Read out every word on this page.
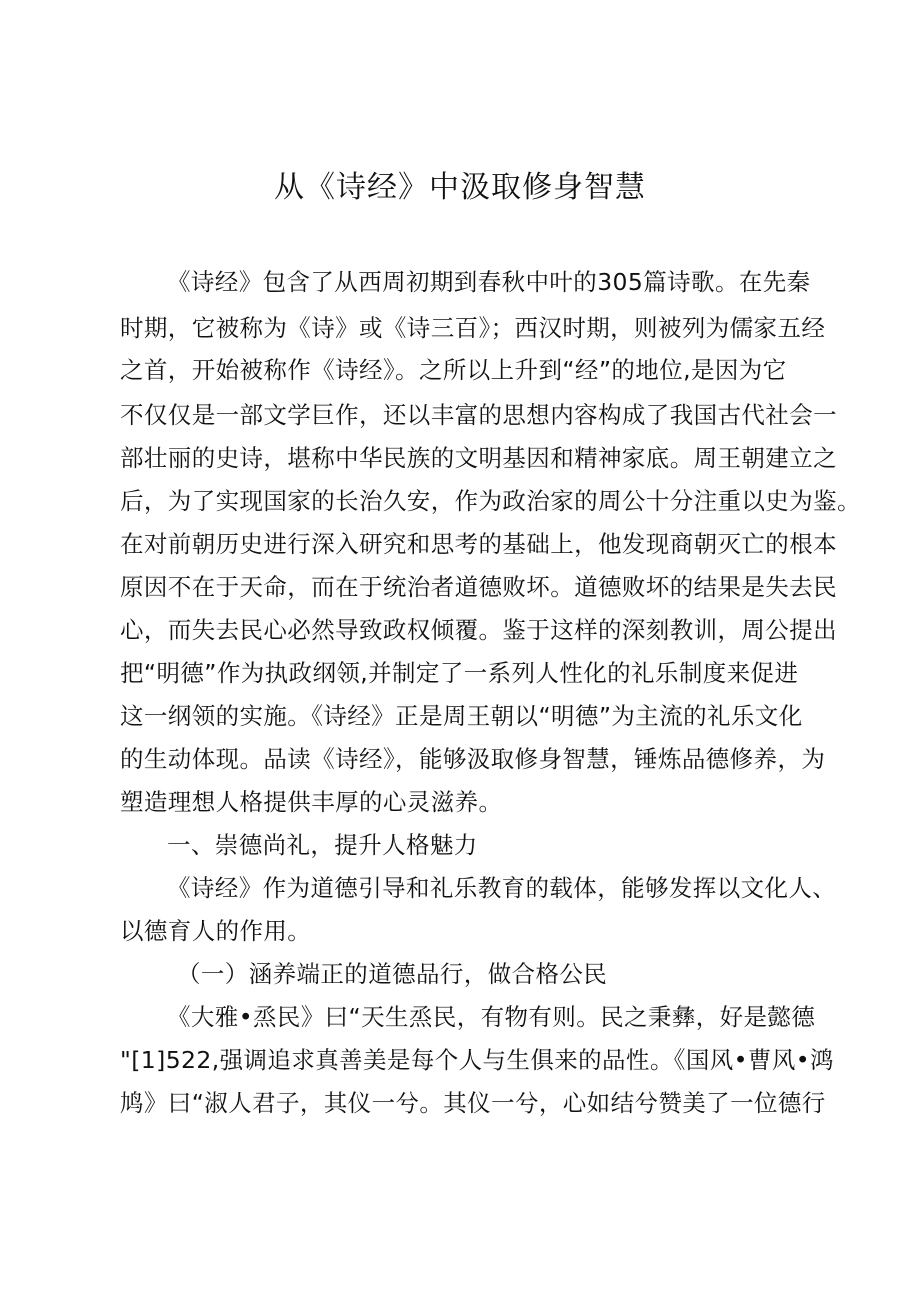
从《诗经》中汲取修身智慧
《诗经》包含了从西周初期到春秋中叶的305篇诗歌。在先秦
时期，它被称为《诗》或《诗三百》；西汉时期，则被列为儒家五经
之首，开始被称作《诗经》。之所以上升到“经”的地位,是因为它
不仅仅是一部文学巨作，还以丰富的思想内容构成了我国古代社会一
部壮丽的史诗，堪称中华民族的文明基因和精神家底。周王朝建立之
后，为了实现国家的长治久安，作为政治家的周公十分注重以史为鉴。
在对前朝历史进行深入研究和思考的基础上，他发现商朝灭亡的根本
原因不在于天命，而在于统治者道德败坏。道德败坏的结果是失去民
心，而失去民心必然导致政权倾覆。鉴于这样的深刻教训，周公提出
把“明德”作为执政纲领,并制定了一系列人性化的礼乐制度来促进
这一纲领的实施。《诗经》正是周王朝以“明德”为主流的礼乐文化
的生动体现。品读《诗经》，能够汲取修身智慧，锤炼品德修养，为
塑造理想人格提供丰厚的心灵滋养。
一、崇德尚礼，提升人格魅力
《诗经》作为道德引导和礼乐教育的载体，能够发挥以文化人、
以德育人的作用。
（一）涵养端正的道德品行，做合格公民
《大雅•烝民》曰“天生烝民，有物有则。民之秉彝，好是懿德
"[1]522,强调追求真善美是每个人与生俱来的品性。《国风•曹风•鸿
鸠》曰“淑人君子，其仪一兮。其仪一兮，心如结兮赞美了一位德行
